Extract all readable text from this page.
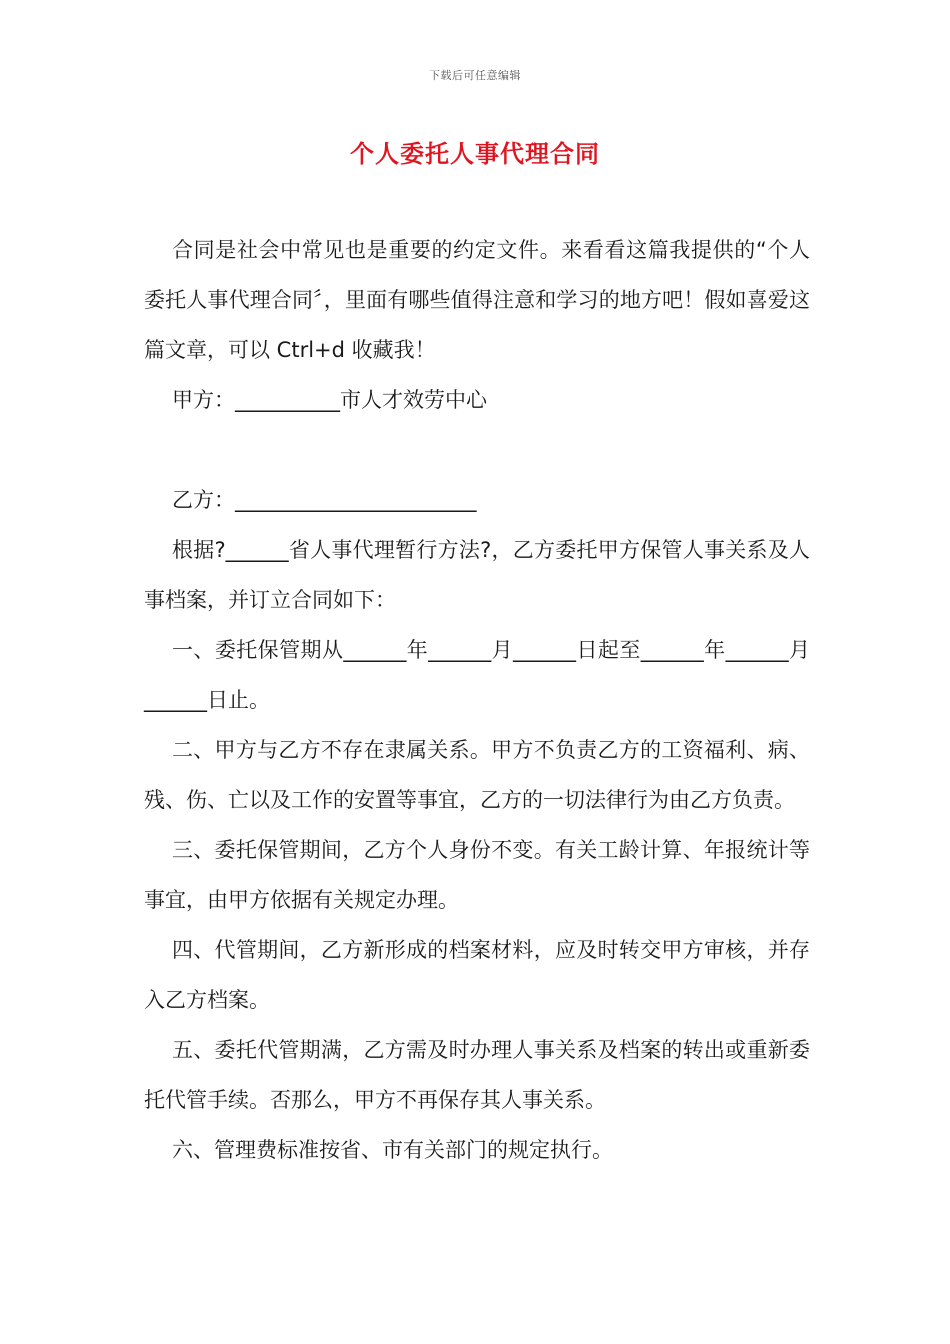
下载后可任意编辑
个人委托人事代理合同

合同是社会中常见也是重要的约定文件。来看看这篇我提供的“个人委托人事代理合同〞，里面有哪些值得注意和学习的地方吧！假如喜爱这篇文章，可以 Ctrl+d 收藏我！

甲方：__________市人才效劳中心

乙方：_______________________

根据?______省人事代理暂行方法?，乙方委托甲方保管人事关系及人事档案，并订立合同如下：

一、委托保管期从______年______月______日起至______年______月______日止。

二、甲方与乙方不存在隶属关系。甲方不负责乙方的工资福利、病、残、伤、亡以及工作的安置等事宜，乙方的一切法律行为由乙方负责。

三、委托保管期间，乙方个人身份不变。有关工龄计算、年报统计等事宜，由甲方依据有关规定办理。

四、代管期间，乙方新形成的档案材料，应及时转交甲方审核，并存入乙方档案。

五、委托代管期满，乙方需及时办理人事关系及档案的转出或重新委托代管手续。否那么，甲方不再保存其人事关系。

六、管理费标准按省、市有关部门的规定执行。
